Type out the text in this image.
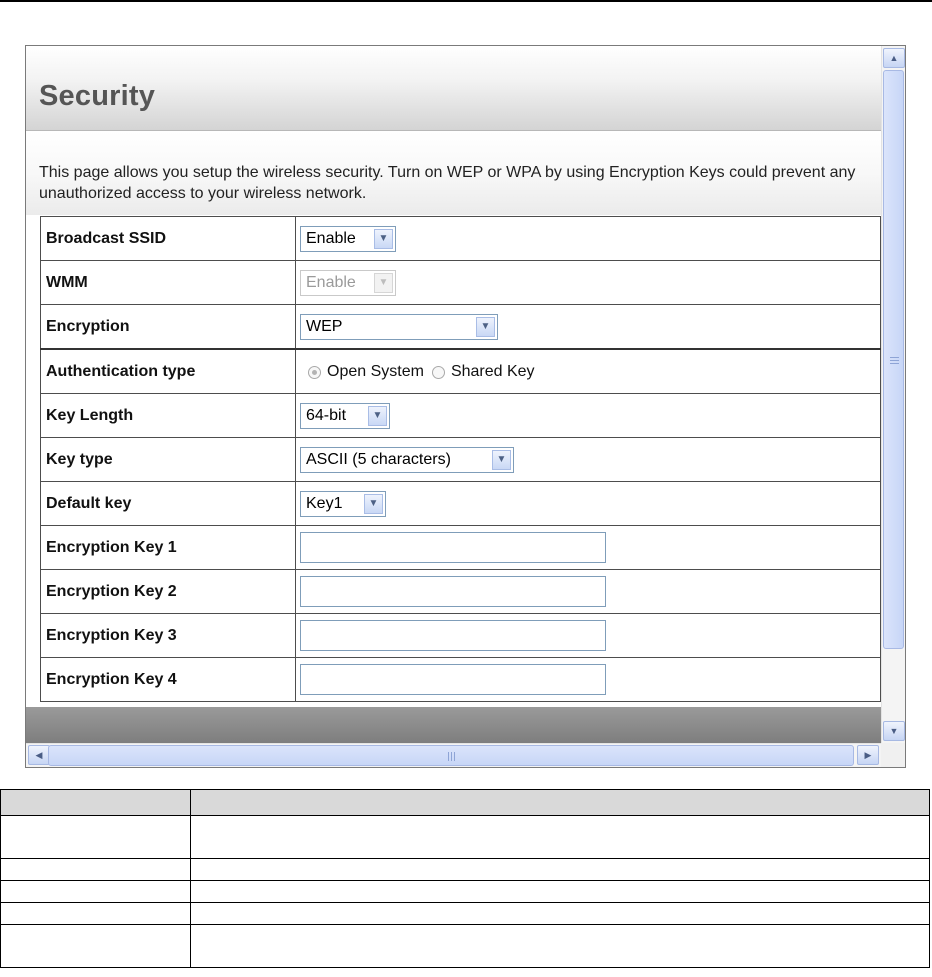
Security
This page allows you setup the wireless security. Turn on WEP or WPA by using Encryption Keys could prevent any unauthorized access to your wireless network.
Broadcast SSID	Enable ▼

WMM	Enable ▼

Encryption	WEP ▼

Authentication type	Open System Shared Key

Key Length	64-bit ▼

Key type	ASCII (5 characters) ▼

Default key	Key1 ▼

Encryption Key 1	
Encryption Key 2	
Encryption Key 3	
Encryption Key 4	
▲
▼
◀	▶
